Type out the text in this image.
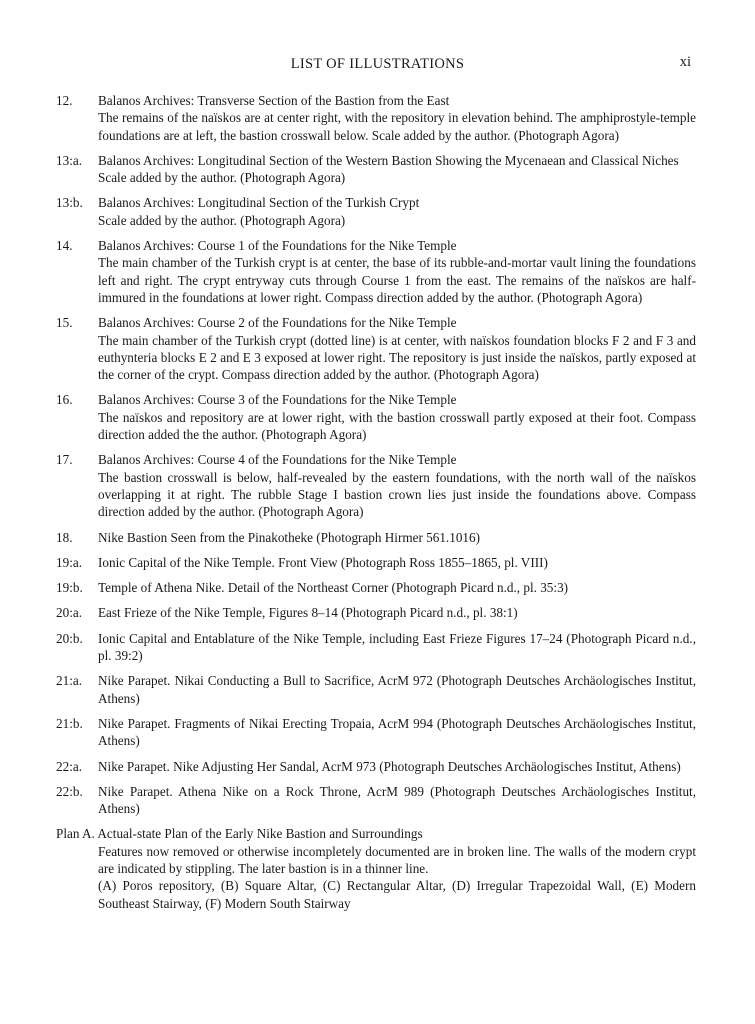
LIST OF ILLUSTRATIONS	xi
12.	Balanos Archives: Transverse Section of the Bastion from the East
The remains of the naïskos are at center right, with the repository in elevation behind. The amphiprostyle-temple foundations are at left, the bastion crosswall below. Scale added by the author. (Photograph Agora)
13:a.	Balanos Archives: Longitudinal Section of the Western Bastion Showing the Mycenaean and Classical Niches
Scale added by the author. (Photograph Agora)
13:b.	Balanos Archives: Longitudinal Section of the Turkish Crypt
Scale added by the author. (Photograph Agora)
14.	Balanos Archives: Course 1 of the Foundations for the Nike Temple
The main chamber of the Turkish crypt is at center, the base of its rubble-and-mortar vault lining the foundations left and right. The crypt entryway cuts through Course 1 from the east. The remains of the naïskos are half-immured in the foundations at lower right. Compass direction added by the author. (Photograph Agora)
15.	Balanos Archives: Course 2 of the Foundations for the Nike Temple
The main chamber of the Turkish crypt (dotted line) is at center, with naïskos foundation blocks F 2 and F 3 and euthynteria blocks E 2 and E 3 exposed at lower right. The repository is just inside the naïskos, partly exposed at the corner of the crypt. Compass direction added by the author. (Photograph Agora)
16.	Balanos Archives: Course 3 of the Foundations for the Nike Temple
The naïskos and repository are at lower right, with the bastion crosswall partly exposed at their foot. Compass direction added the the author. (Photograph Agora)
17.	Balanos Archives: Course 4 of the Foundations for the Nike Temple
The bastion crosswall is below, half-revealed by the eastern foundations, with the north wall of the naïskos overlapping it at right. The rubble Stage I bastion crown lies just inside the foundations above. Compass direction added by the author. (Photograph Agora)
18.	Nike Bastion Seen from the Pinakotheke (Photograph Hirmer 561.1016)
19:a.	Ionic Capital of the Nike Temple. Front View (Photograph Ross 1855–1865, pl. VIII)
19:b.	Temple of Athena Nike. Detail of the Northeast Corner (Photograph Picard n.d., pl. 35:3)
20:a.	East Frieze of the Nike Temple, Figures 8–14 (Photograph Picard n.d., pl. 38:1)
20:b.	Ionic Capital and Entablature of the Nike Temple, including East Frieze Figures 17–24 (Photograph Picard n.d., pl. 39:2)
21:a.	Nike Parapet. Nikai Conducting a Bull to Sacrifice, AcrM 972 (Photograph Deutsches Archäologisches Institut, Athens)
21:b.	Nike Parapet. Fragments of Nikai Erecting Tropaia, AcrM 994 (Photograph Deutsches Archäologisches Institut, Athens)
22:a.	Nike Parapet. Nike Adjusting Her Sandal, AcrM 973 (Photograph Deutsches Archäologisches Institut, Athens)
22:b.	Nike Parapet. Athena Nike on a Rock Throne, AcrM 989 (Photograph Deutsches Archäologisches Institut, Athens)
Plan A. Actual-state Plan of the Early Nike Bastion and Surroundings
Features now removed or otherwise incompletely documented are in broken line. The walls of the modern crypt are indicated by stippling. The later bastion is in a thinner line.
(A) Poros repository, (B) Square Altar, (C) Rectangular Altar, (D) Irregular Trapezoidal Wall, (E) Modern Southeast Stairway, (F) Modern South Stairway
